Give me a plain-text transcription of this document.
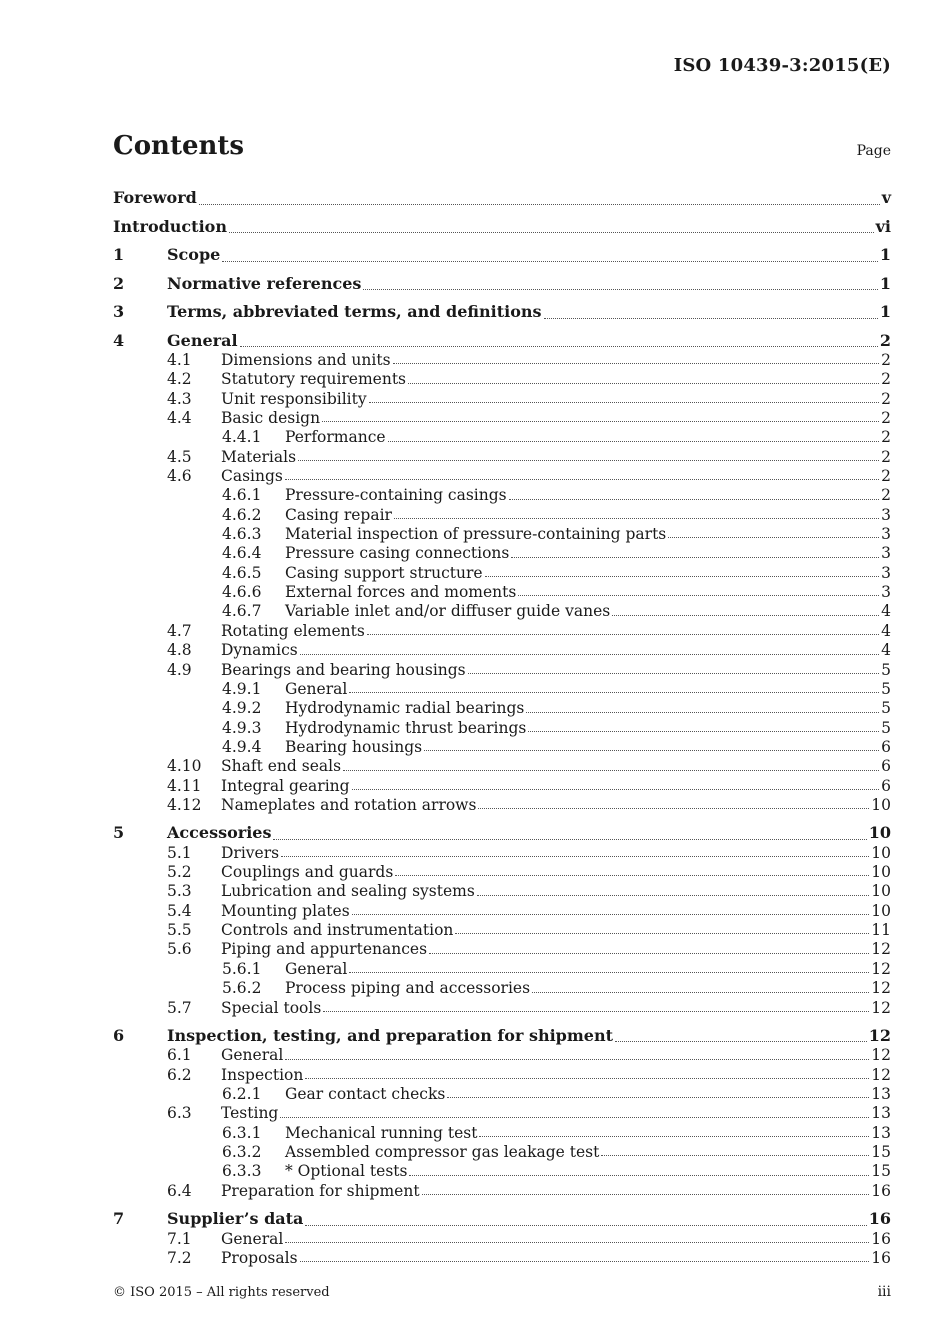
ISO 10439-3:2015(E)
Contents	Page
Foreword	v
Introduction	vi
1	Scope	1
2	Normative references	1
3	Terms, abbreviated terms, and definitions	1
4	General	2
4.1	Dimensions and units	2
4.2	Statutory requirements	2
4.3	Unit responsibility	2
4.4	Basic design	2
4.4.1	Performance	2
4.5	Materials	2
4.6	Casings	2
4.6.1	Pressure-containing casings	2
4.6.2	Casing repair	3
4.6.3	Material inspection of pressure-containing parts	3
4.6.4	Pressure casing connections	3
4.6.5	Casing support structure	3
4.6.6	External forces and moments	3
4.6.7	Variable inlet and/or diffuser guide vanes	4
4.7	Rotating elements	4
4.8	Dynamics	4
4.9	Bearings and bearing housings	5
4.9.1	General	5
4.9.2	Hydrodynamic radial bearings	5
4.9.3	Hydrodynamic thrust bearings	5
4.9.4	Bearing housings	6
4.10	Shaft end seals	6
4.11	Integral gearing	6
4.12	Nameplates and rotation arrows	10
5	Accessories	10
5.1	Drivers	10
5.2	Couplings and guards	10
5.3	Lubrication and sealing systems	10
5.4	Mounting plates	10
5.5	Controls and instrumentation	11
5.6	Piping and appurtenances	12
5.6.1	General	12
5.6.2	Process piping and accessories	12
5.7	Special tools	12
6	Inspection, testing, and preparation for shipment	12
6.1	General	12
6.2	Inspection	12
6.2.1	Gear contact checks	13
6.3	Testing	13
6.3.1	Mechanical running test	13
6.3.2	Assembled compressor gas leakage test	15
6.3.3	* Optional tests	15
6.4	Preparation for shipment	16
7	Supplier’s data	16
7.1	General	16
7.2	Proposals	16
© ISO 2015 – All rights reserved	iii
